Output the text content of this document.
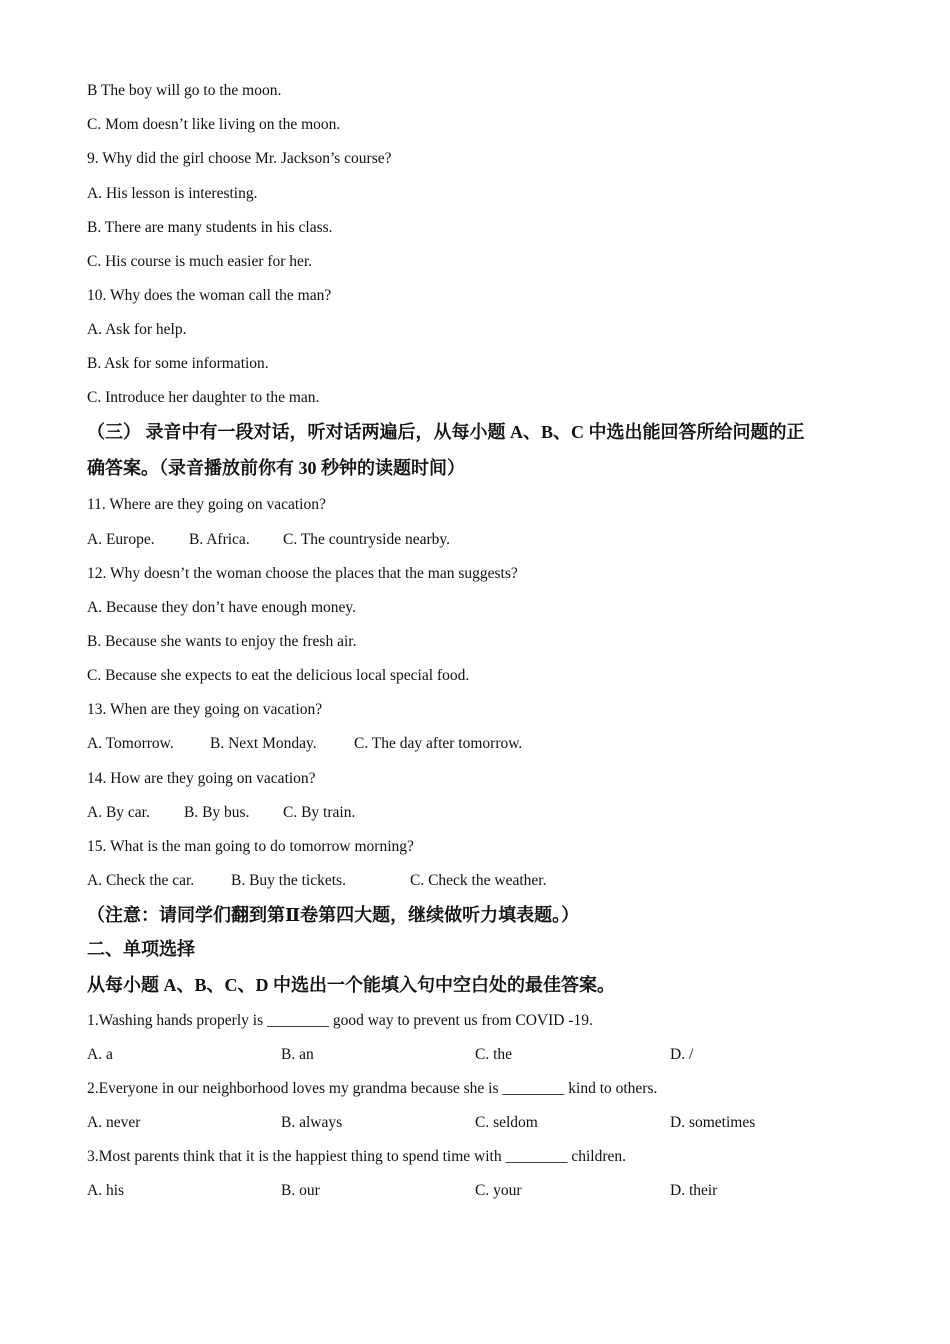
B The boy will go to the moon.
C. Mom doesn’t like living on the moon.
9. Why did the girl choose Mr. Jackson’s course?
A. His lesson is interesting.
B. There are many students in his class.
C. His course is much easier for her.
10. Why does the woman call the man?
A. Ask for help.
B. Ask for some information.
C. Introduce her daughter to the man.
（三） 录音中有一段对话，听对话两遍后，从每小题 A、B、C 中选出能回答所给问题的正
确答案。（录音播放前你有 30 秒钟的读题时间）
11. Where are they going on vacation?
A. Europe. B. Africa. C. The countryside nearby.
12. Why doesn’t the woman choose the places that the man suggests?
A. Because they don’t have enough money.
B. Because she wants to enjoy the fresh air.
C. Because she expects to eat the delicious local special food.
13. When are they going on vacation?
A. Tomorrow. B. Next Monday. C. The day after tomorrow.
14. How are they going on vacation?
A. By car. B. By bus. C. By train.
15. What is the man going to do tomorrow morning?
A. Check the car. B. Buy the tickets.	C. Check the weather.
（注意：请同学们翻到第Ⅱ卷第四大题，继续做听力填表题。）
二、单项选择
从每小题 A、B、C、D 中选出一个能填入句中空白处的最佳答案。
1.Washing hands properly is ________ good way to prevent us from COVID -19.
A. a	B. an	C. the	D. /
2.Everyone in our neighborhood loves my grandma because she is ________ kind to others.
A. never	B. always	C. seldom	D. sometimes
3.Most parents think that it is the happiest thing to spend time with ________ children.
A. his	B. our	C. your	D. their
